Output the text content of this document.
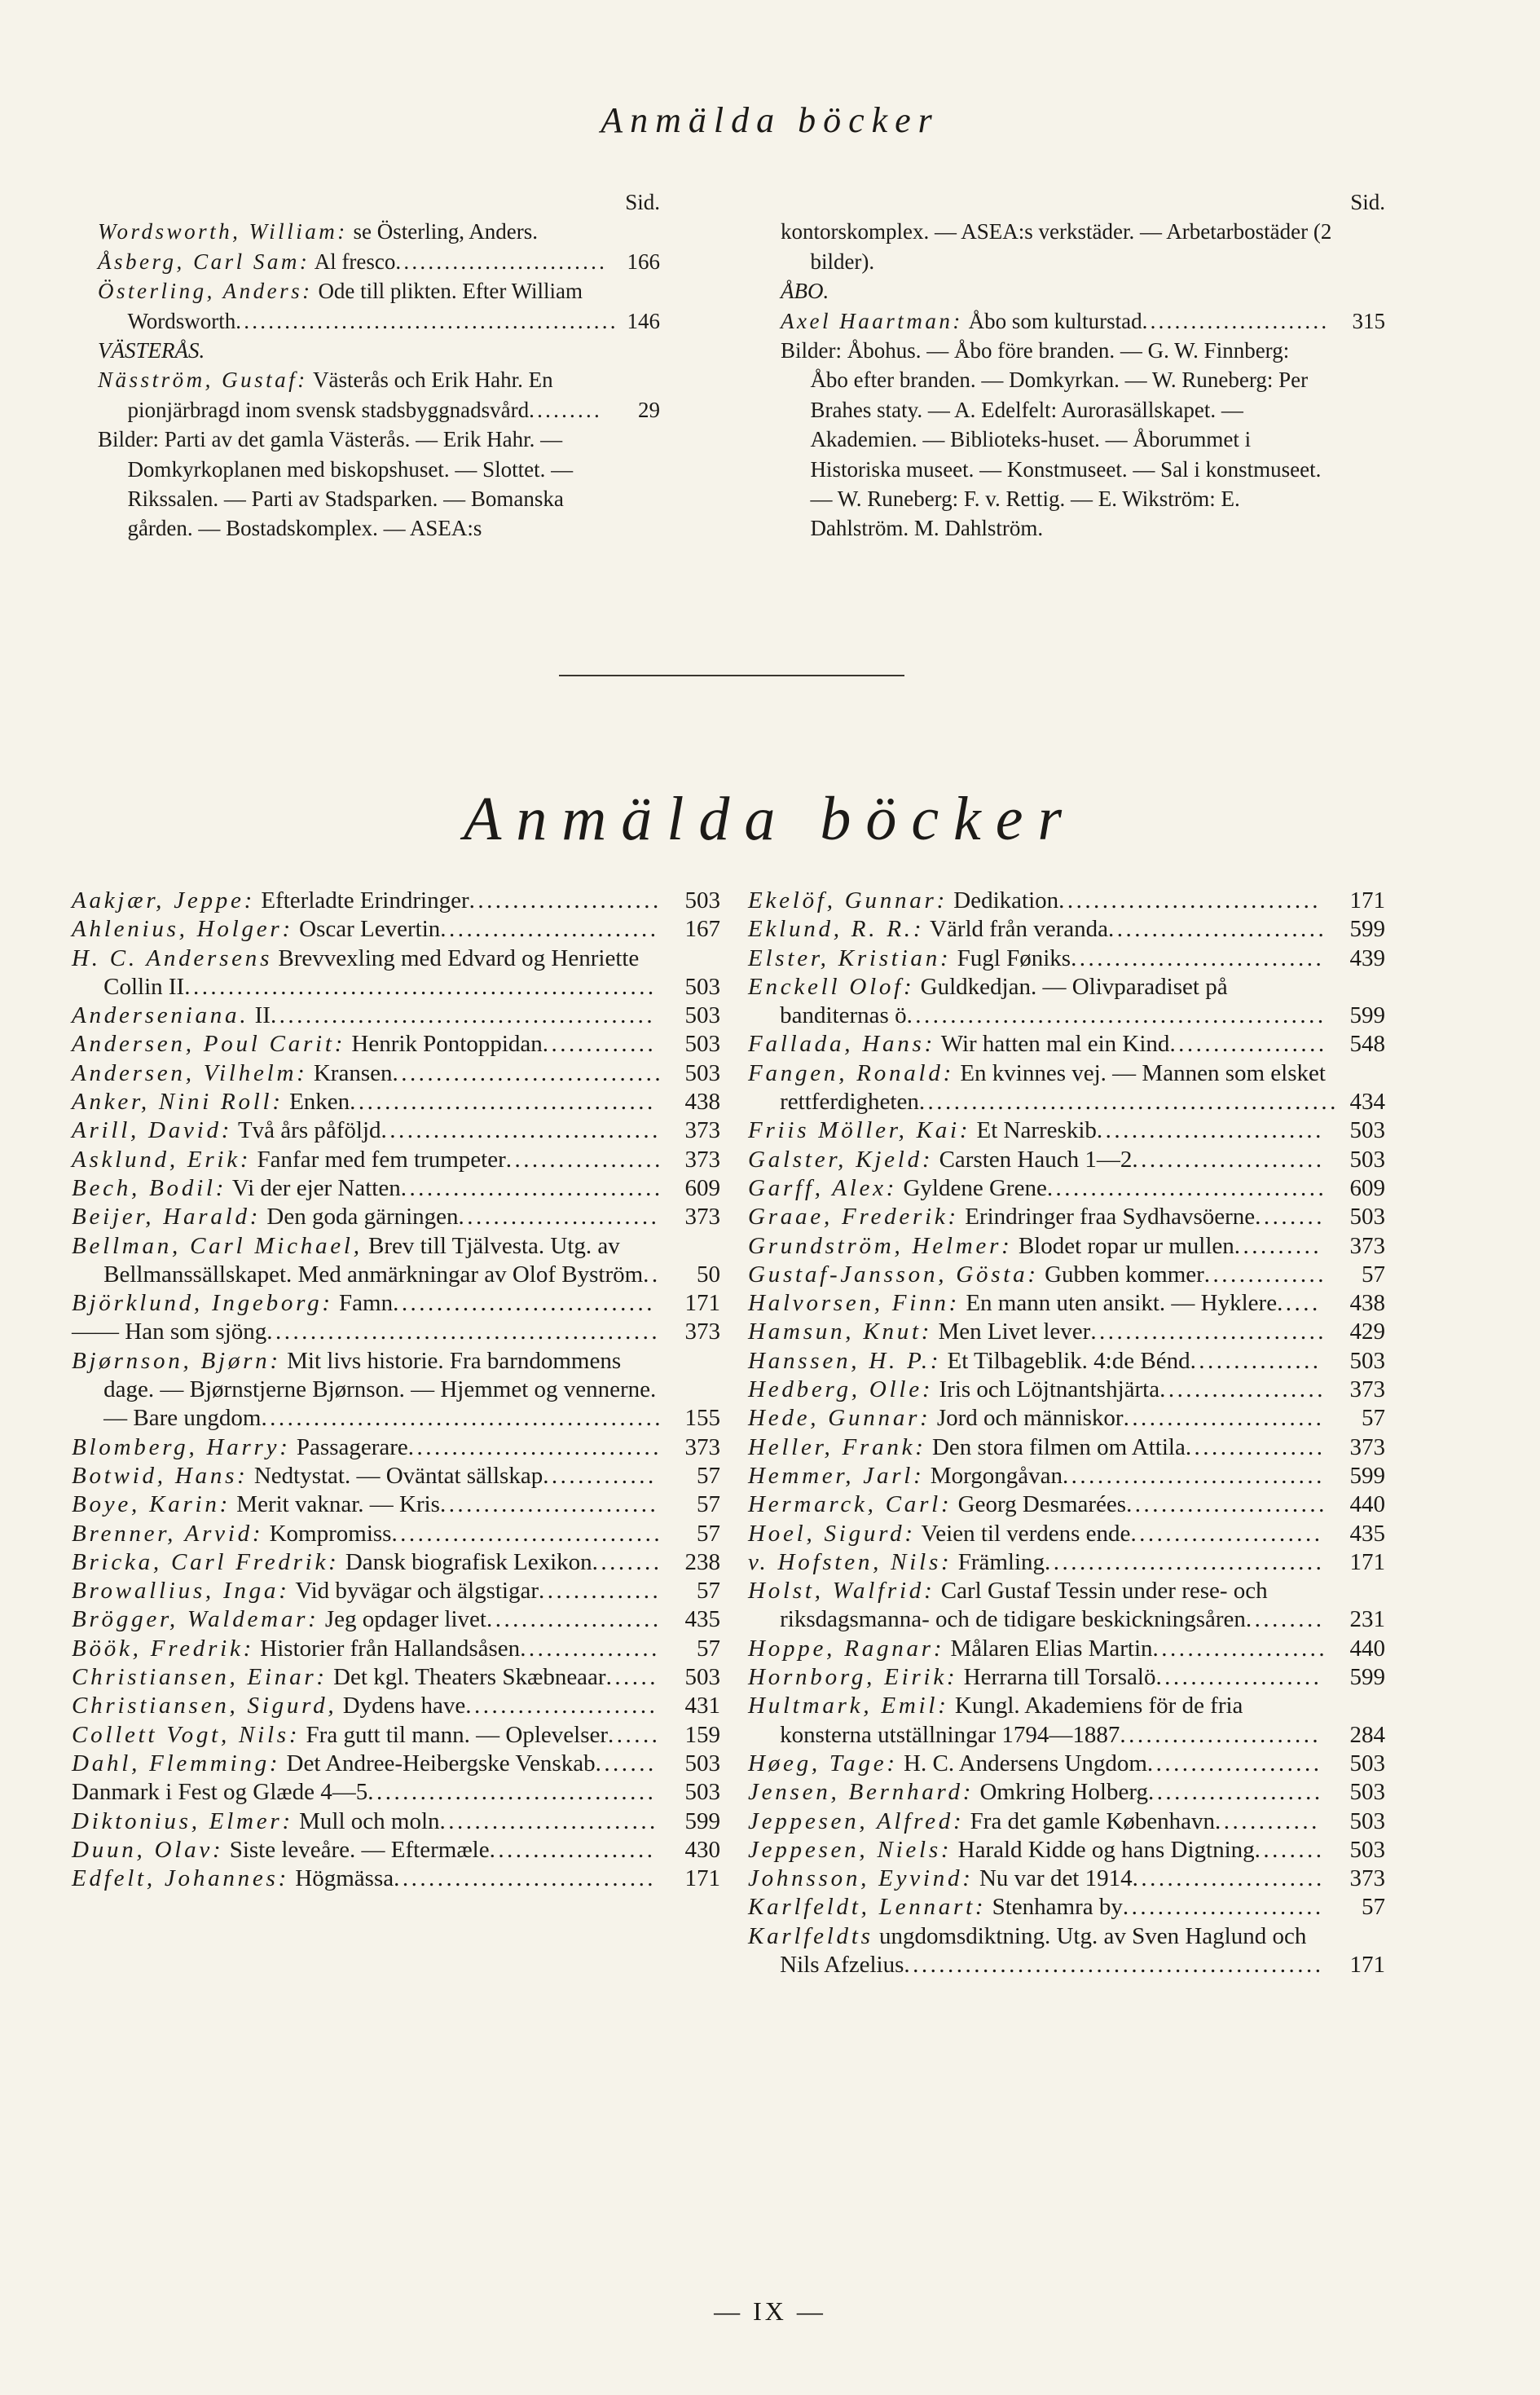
Anmälda böcker
Sid.
Wordsworth, William: se Österling, Anders.
Åsberg, Carl Sam: Al fresco.......................... 166
Österling, Anders: Ode till plikten. Efter William Wordsworth............................................... 146
VÄSTERÅS.
Näsström, Gustaf: Västerås och Erik Hahr. En pionjärbragd inom svensk stadsbyggnadsvård......... 29
Bilder: Parti av det gamla Västerås. — Erik Hahr. — Domkyrkoplanen med biskopshuset. — Slottet. — Rikssalen. — Parti av Stadsparken. — Bomanska gården. — Bostadskomplex. — ASEA:s
Sid.
kontorskomplex. — ASEA:s verkstäder. — Arbetarbostäder (2 bilder).
ÅBO.
Axel Haartman: Åbo som kulturstad....................... 315
Bilder: Åbohus. — Åbo före branden. — G. W. Finnberg: Åbo efter branden. — Domkyrkan. — W. Runeberg: Per Brahes staty. — A. Edelfelt: Aurorasällskapet. — Akademien. — Biblioteks-huset. — Åborummet i Historiska museet. — Konstmuseet. — Sal i konstmuseet. — W. Runeberg: F. v. Rettig. — E. Wikström: E. Dahlström. M. Dahlström.
Anmälda böcker
Aakjær, Jeppe: Efterladte Erindringer...................... 503
Ahlenius, Holger: Oscar Levertin......................... 167
H. C. Andersens Brevvexling med Edvard og Henriette Collin II...................................................... 503
Anderseniana. II............................................ 503
Andersen, Poul Carit: Henrik Pontoppidan............. 503
Andersen, Vilhelm: Kransen............................... 503
Anker, Nini Roll: Enken................................... 438
Arill, David: Två års påföljd................................ 373
Asklund, Erik: Fanfar med fem trumpeter.................. 373
Bech, Bodil: Vi der ejer Natten.............................. 609
Beijer, Harald: Den goda gärningen....................... 373
Bellman, Carl Michael, Brev till Tjälvesta. Utg. av Bellmanssällskapet. Med anmärkningar av Olof Byström.. 50
Björklund, Ingeborg: Famn.............................. 171
—— Han som sjöng............................................. 373
Bjørnson, Bjørn: Mit livs historie. Fra barndommens dage. — Bjørnstjerne Bjørnson. — Hjemmet og vennerne. — Bare ungdom.............................................. 155
Blomberg, Harry: Passagerare............................. 373
Botwid, Hans: Nedtystat. — Oväntat sällskap............. 57
Boye, Karin: Merit vaknar. — Kris......................... 57
Brenner, Arvid: Kompromiss............................... 57
Bricka, Carl Fredrik: Dansk biografisk Lexikon........ 238
Browallius, Inga: Vid byvägar och älgstigar.............. 57
Brögger, Waldemar: Jeg opdager livet.................... 435
Böök, Fredrik: Historier från Hallandsåsen................ 57
Christiansen, Einar: Det kgl. Theaters Skæbneaar...... 503
Christiansen, Sigurd, Dydens have...................... 431
Collett Vogt, Nils: Fra gutt til mann. — Oplevelser...... 159
Dahl, Flemming: Det Andree-Heibergske Venskab....... 503
Danmark i Fest og Glæde 4—5................................. 503
Diktonius, Elmer: Mull och moln......................... 599
Duun, Olav: Siste leveåre. — Eftermæle................... 430
Edfelt, Johannes: Högmässa.............................. 171
Ekelöf, Gunnar: Dedikation.............................. 171
Eklund, R. R.: Värld från veranda......................... 599
Elster, Kristian: Fugl Føniks............................. 439
Enckell Olof: Guldkedjan. — Olivparadiset på banditernas ö................................................ 599
Fallada, Hans: Wir hatten mal ein Kind.................. 548
Fangen, Ronald: En kvinnes vej. — Mannen som elsket rettferdigheten................................................ 434
Friis Möller, Kai: Et Narreskib.......................... 503
Galster, Kjeld: Carsten Hauch 1—2...................... 503
Garff, Alex: Gyldene Grene................................ 609
Graae, Frederik: Erindringer fraa Sydhavsöerne........ 503
Grundström, Helmer: Blodet ropar ur mullen.......... 373
Gustaf-Jansson, Gösta: Gubben kommer.............. 57
Halvorsen, Finn: En mann uten ansikt. — Hyklere..... 438
Hamsun, Knut: Men Livet lever........................... 429
Hanssen, H. P.: Et Tilbageblik. 4:de Bénd............... 503
Hedberg, Olle: Iris och Löjtnantshjärta................... 373
Hede, Gunnar: Jord och människor....................... 57
Heller, Frank: Den stora filmen om Attila................ 373
Hemmer, Jarl: Morgongåvan.............................. 599
Hermarck, Carl: Georg Desmarées....................... 440
Hoel, Sigurd: Veien til verdens ende...................... 435
v. Hofsten, Nils: Främling................................ 171
Holst, Walfrid: Carl Gustaf Tessin under rese- och riksdagsmanna- och de tidigare beskickningsåren......... 231
Hoppe, Ragnar: Målaren Elias Martin.................... 440
Hornborg, Eirik: Herrarna till Torsalö................... 599
Hultmark, Emil: Kungl. Akademiens för de fria konsterna utställningar 1794—1887....................... 284
Høeg, Tage: H. C. Andersens Ungdom.................... 503
Jensen, Bernhard: Omkring Holberg.................... 503
Jeppesen, Alfred: Fra det gamle København............ 503
Jeppesen, Niels: Harald Kidde og hans Digtning........ 503
Johnsson, Eyvind: Nu var det 1914...................... 373
Karlfeldt, Lennart: Stenhamra by....................... 57
Karlfeldts ungdomsdiktning. Utg. av Sven Haglund och Nils Afzelius................................................ 171
— IX —
